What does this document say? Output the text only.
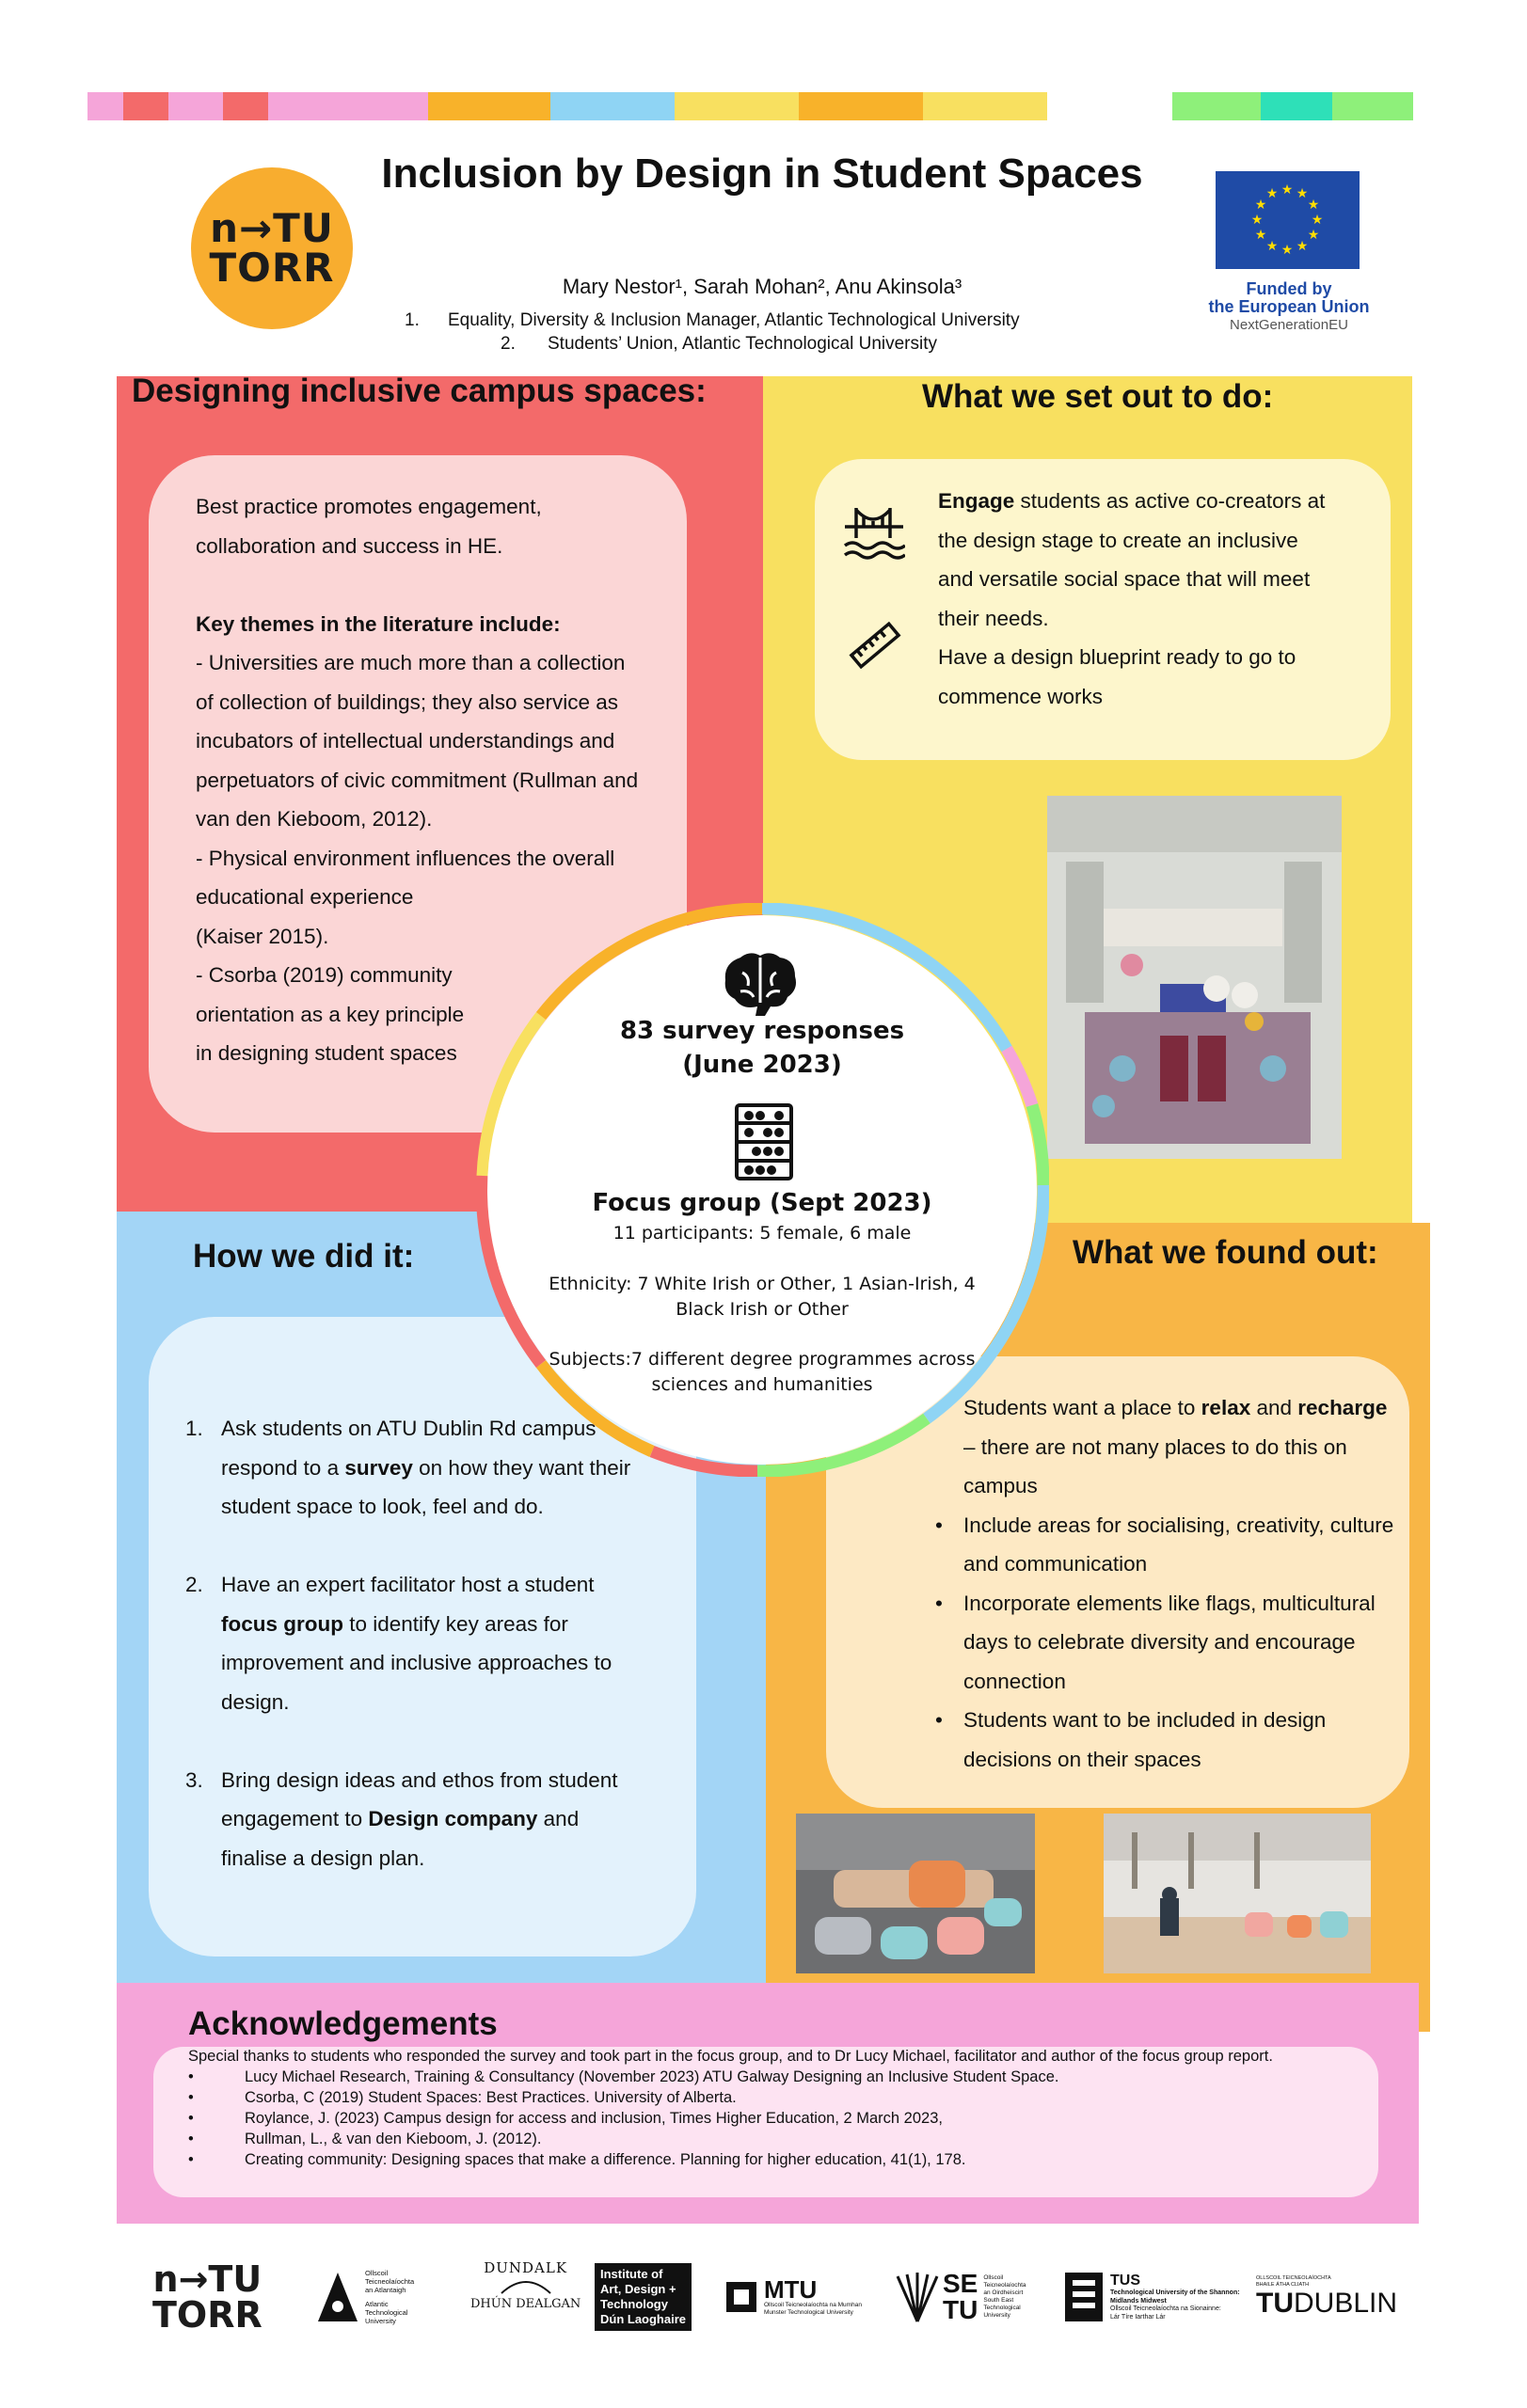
n→TU
TORR
Inclusion by Design in Student Spaces
Mary Nestor¹, Sarah Mohan², Anu Akinsola³
1. Equality, Diversity & Inclusion Manager, Atlantic Technological University
2. Students’ Union, Atlantic Technological University
★ ★
★
★
★
★
★
★
★
★
★
★
Funded by
the European Union
NextGenerationEU
Designing inclusive campus spaces:
Best practice promotes engagement,
collaboration and success in HE.

Key themes in the literature include:
- Universities are much more than a collection
of collection of buildings; they also service as
incubators of intellectual understandings and
perpetuators of civic commitment (Rullman and
van den Kieboom, 2012).
- Physical environment influences the overall
educational experience
(Kaiser 2015).
- Csorba (2019) community
orientation as a key principle
in designing student spaces
What we set out to do:
Engage students as active co-creators at
the design stage to create an inclusive
and versatile social space that will meet
their needs.
Have a design blueprint ready to go to
commence works
How we did it:
1. Ask students on ATU Dublin Rd campus
respond to a survey on how they want their
student space to look, feel and do.
2. Have an expert facilitator host a student
focus group to identify key areas for
improvement and inclusive approaches to
design.
3. Bring design ideas and ethos from student
engagement to Design company and
finalise a design plan.
What we found out:
Students want a place to relax and recharge
– there are not many places to do this on
campus
• Include areas for socialising, creativity, culture
and communication
• Incorporate elements like flags, multicultural
days to celebrate diversity and encourage
connection
• Students want to be included in design
decisions on their spaces
83 survey responses (June 2023)
Focus group (Sept 2023)
11 participants: 5 female, 6 male
Ethnicity: 7 White Irish or Other, 1 Asian-Irish, 4 Black Irish or Other
Subjects:7 different degree programmes across sciences and humanities
Acknowledgements
Special thanks to students who responded the survey and took part in the focus group, and to Dr Lucy Michael, facilitator and author of the focus group report.
•	Lucy Michael Research, Training & Consultancy (November 2023) ATU Galway Designing an Inclusive Student Space.
•	Csorba, C (2019) Student Spaces: Best Practices. University of Alberta.
•	Roylance, J. (2023) Campus design for access and inclusion, Times Higher Education, 2 March 2023,
•	Rullman, L., & van den Kieboom, J. (2012).
•	Creating community: Designing spaces that make a difference. Planning for higher education, 41(1), 178.
n→TU
TORR
Ollscoil
Teicneolaíochta
an Atlantaigh
Atlantic
Technological
University
DUNDALK
DHÚN DEALGAN
Institute of
Art, Design +
Technology
Dún Laoghaire
MTU
Ollscoil Teicneolaíochta na Mumhan
Munster Technological University
SE
TU
Ollscoil
Teicneolaíochta
an Oirdheiscirt
South East
Technological
University
TUS
Technological University of the Shannon:
Midlands Midwest
Ollscoil Teicneolaíochta na Sionainne:
Lár Tíre Iarthar Lár
OLLSCOIL TEICNEOLAÍOCHTA BHAILE ÁTHA CLIATH
TUDUBLIN
